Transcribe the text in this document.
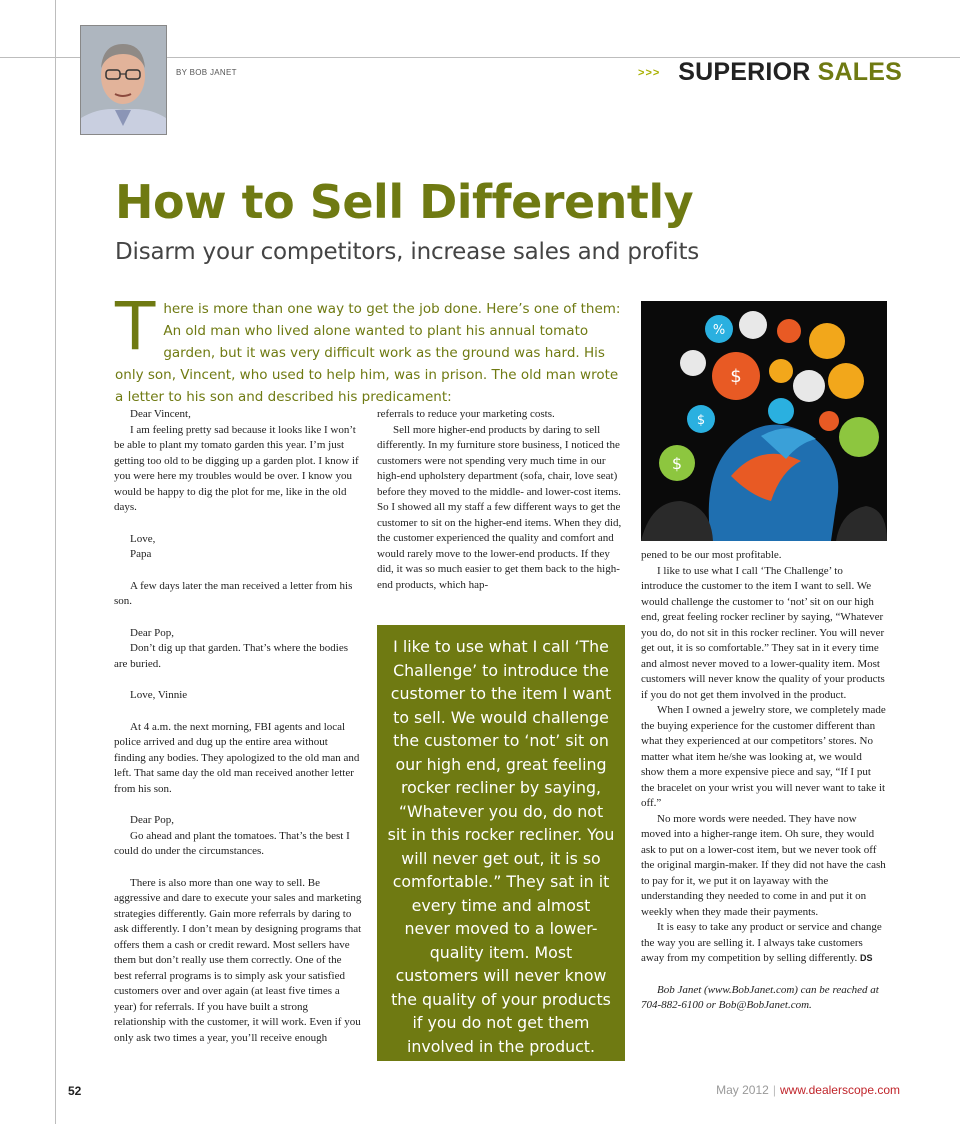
BY BOB JANET	>>> SUPERIOR SALES
How to Sell Differently
Disarm your competitors, increase sales and profits
There is more than one way to get the job done. Here’s one of them: An old man who lived alone wanted to plant his annual tomato garden, but it was very difficult work as the ground was hard. His only son, Vincent, who used to help him, was in prison. The old man wrote a letter to his son and described his predicament:

Dear Vincent,

I am feeling pretty sad because it looks like I won’t be able to plant my tomato garden this year. I’m just getting too old to be digging up a garden plot. I know if you were here my troubles would be over. I know you would be happy to dig the plot for me, like in the old days.

Love,

Papa

A few days later the man received a letter from his son.

Dear Pop,

Don’t dig up that garden. That’s where the bodies are buried.

Love, Vinnie

At 4 a.m. the next morning, FBI agents and local police arrived and dug up the entire area without finding any bodies. They apologized to the old man and left. That same day the old man received another letter from his son.

Dear Pop,

Go ahead and plant the tomatoes. That’s the best I could do under the circumstances.

There is also more than one way to sell. Be aggressive and dare to execute your sales and marketing strategies differently. Gain more referrals by daring to ask differently. I don’t mean by designing programs that offers them a cash or credit reward. Most sellers have them but don’t really use them correctly. One of the best referral programs is to simply ask your satisfied customers over and over again (at least five times a year) for referrals. If you have built a strong relationship with the customer, it will work. Even if you only ask two times a year, you’ll receive enough

referrals to reduce your marketing costs.

Sell more higher-end products by daring to sell differently. In my furniture store business, I noticed the customers were not spending very much time in our high-end upholstery department (sofa, chair, love seat) before they moved to the middle- and lower-cost items. So I showed all my staff a few different ways to get the customer to sit on the higher-end items. When they did, the customer experienced the quality and comfort and would rarely move to the lower-end products. If they did, it was so much easier to get them back to the high-end products, which hap-

I like to use what I call ‘The Challenge’ to introduce the customer to the item I want to sell. We would challenge the customer to ‘not’ sit on our high end, great feeling rocker recliner by saying, “Whatever you do, do not sit in this rocker recliner. You will never get out, it is so comfortable.” They sat in it every time and almost never moved to a lower-quality item. Most customers will never know the quality of your products if you do not get them involved in the product.
$
$
$
%

pened to be our most profitable.

I like to use what I call ‘The Challenge’ to introduce the customer to the item I want to sell. We would challenge the customer to ‘not’ sit on our high end, great feeling rocker recliner by saying, “Whatever you do, do not sit in this rocker recliner. You will never get out, it is so comfortable.” They sat in it every time and almost never moved to a lower-quality item. Most customers will never know the quality of your products if you do not get them involved in the product.

When I owned a jewelry store, we completely made the buying experience for the customer different than what they experienced at our competitors’ stores. No matter what item he/she was looking at, we would show them a more expensive piece and say, “If I put the bracelet on your wrist you will never want to take it off.”

No more words were needed. They have now moved into a higher-range item. Oh sure, they would ask to put on a lower-cost item, but we never took off the original margin-maker. If they did not have the cash to pay for it, we put it on layaway with the understanding they needed to come in and put it on weekly when they made their payments.

It is easy to take any product or service and change the way you are selling it. I always take customers away from my competition by selling differently. DS

Bob Janet (www.BobJanet.com) can be reached at 704-882-6100 or Bob@BobJanet.com.

52	May 2012 | www.dealerscope.com
